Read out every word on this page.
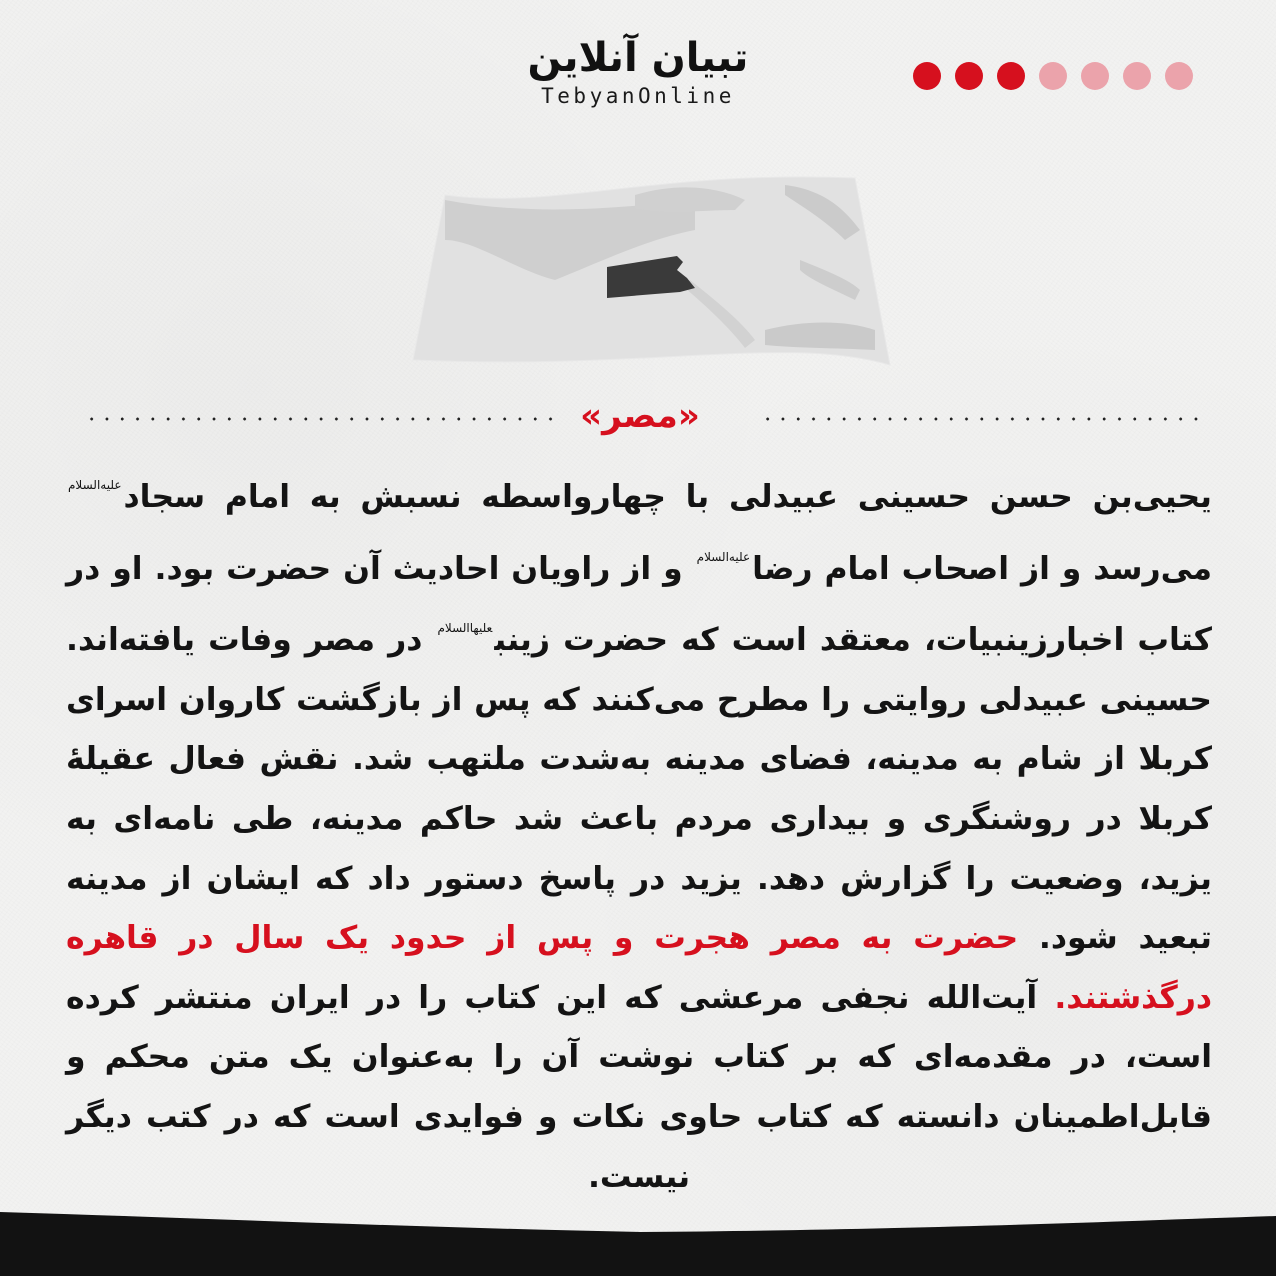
تبیان آنلاین
TebyanOnline
«مصر»
یحیی‌بن حسن حسینی عبیدلی با چهارواسطه نسبش به امام سجاد$^{علیه‌السلام}$ می‌رسد و از اصحاب امام رضا$^{علیه‌السلام}$ و از راویان احادیث آن حضرت بود. او در کتاب اخبارزینبیات، معتقد است که حضرت زینب$^{علیهاالسلام}$ در مصر وفات یافته‌اند. حسینی عبیدلی روایتی را مطرح می‌کنند که پس از بازگشت کاروان اسرای کربلا از شام به مدینه، فضای مدینه به‌شدت ملتهب شد. نقش فعال عقیلهٔ کربلا در روشنگری و بیداری مردم باعث شد حاکم مدینه، طی نامه‌ای به یزید، وضعیت را گزارش دهد. یزید در پاسخ دستور داد که ایشان از مدینه تبعید شود. حضرت به مصر هجرت و پس از حدود یک سال در قاهره درگذشتند. آیت‌الله نجفی مرعشی که این کتاب را در ایران منتشر کرده است، در مقدمه‌ای که بر کتاب نوشت آن را به‌عنوان یک متن محکم و قابل‌اطمینان دانسته که کتاب حاوی نکات و فوایدی است که در کتب دیگر نیست.
